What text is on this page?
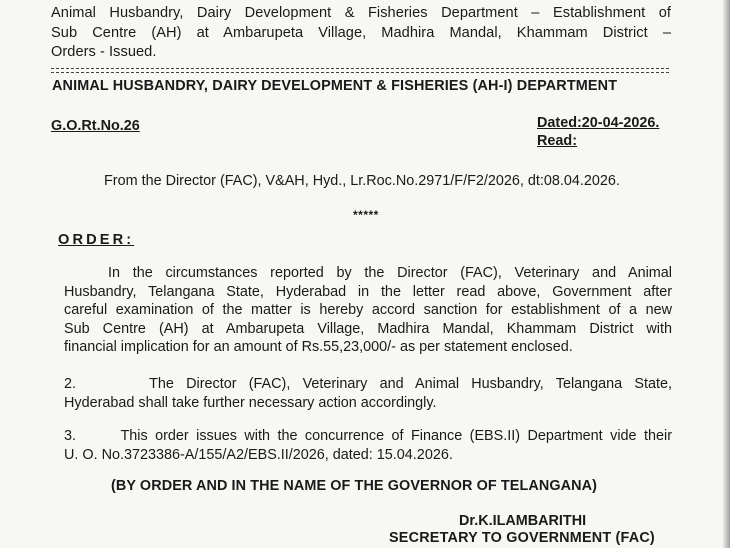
Animal Husbandry, Dairy Development & Fisheries Department – Establishment of
Sub Centre (AH) at Ambarupeta Village, Madhira Mandal, Khammam District –
Orders - Issued.
ANIMAL HUSBANDRY, DAIRY DEVELOPMENT & FISHERIES (AH-I) DEPARTMENT
G.O.Rt.No.26	Dated:20-04-2026.
Read:
From the Director (FAC), V&AH, Hyd., Lr.Roc.No.2971/F/F2/2026, dt:08.04.2026.
*****
ORDER:
In the circumstances reported by the Director (FAC), Veterinary and Animal
Husbandry, Telangana State, Hyderabad in the letter read above, Government after
careful examination of the matter is hereby accord sanction for establishment of a new
Sub Centre (AH) at Ambarupeta Village, Madhira Mandal, Khammam District with
financial implication for an amount of Rs.55,23,000/- as per statement enclosed.
2.      The Director (FAC), Veterinary and Animal Husbandry, Telangana State,
Hyderabad shall take further necessary action accordingly.
3.      This order issues with the concurrence of Finance (EBS.II) Department vide their
U. O. No.3723386-A/155/A2/EBS.II/2026, dated: 15.04.2026.
(BY ORDER AND IN THE NAME OF THE GOVERNOR OF TELANGANA)
Dr.K.ILAMBARITHI
SECRETARY TO GOVERNMENT (FAC)
